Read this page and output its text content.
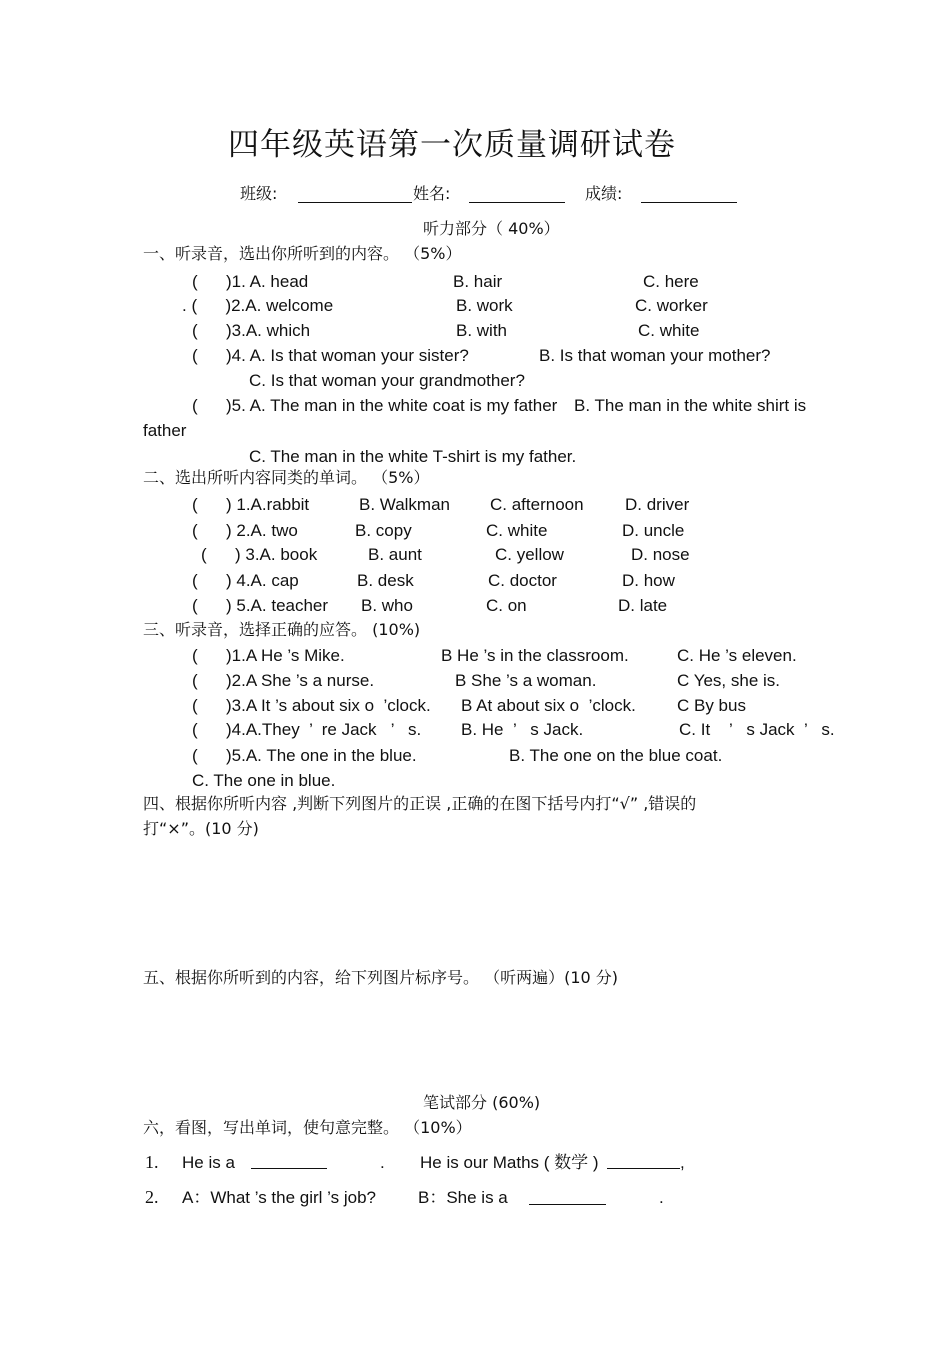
四年级英语第一次质量调研试卷
班级:	姓名:	成绩:
听力部分（ 40%）
一、听录音，选出你所听到的内容。 （5%）
(      )1. A. head	B. hair	C. here
. (      )2.A. welcome	B. work	C. worker
(      )3.A. which	B. with	C. white
(      )4. A. Is that woman your sister?	B. Is that woman your mother?
C. Is that woman your grandmother?
(      )5. A. The man in the white coat is my father B. The man in the white shirt is
father
C. The man in the white T-shirt is my father.
二、选出所听内容同类的单词。 （5%）
(      ) 1.A.rabbit	B. Walkman C. afternoon D. driver
(      ) 2.A. two	B. copy	C. white	D. uncle
(      ) 3.A. book	B. aunt	C. yellow	D. nose
(      ) 4.A. cap	B. desk	C. doctor	D. how
(      ) 5.A. teacher B. who	C. on	D. late
三、听录音，选择正确的应答。 (10%)
(      )1.A He ’s Mike.	B He ’s in the classroom.	C. He ’s eleven.
(      )2.A She ’s a nurse.	B She ’s a woman.	C Yes, she is.
(      )3.A It ’s about six o  ’clock. B At about six o  ’clock. C By bus
(      )4.A.They  ’  re Jack   ’   s. B. He  ’   s Jack.	C. It    ’   s Jack  ’   s.
(      )5.A. The one in the blue.	B. The one on the blue coat.
C. The one in blue.
四、根据你所听内容 ,判断下列图片的正误 ,正确的在图下括号内打“√” ,错误的
打“×”。(10 分)
五、根据你所听到的内容，给下列图片标序号。 （听两遍）(10 分)
笔试部分 (60%)
六，看图，写出单词，使句意完整。 （10%）
1. He is a	. He is our Maths ( 数学 )	,
2. A：What ’s the girl ’s job? B：She is a	.
